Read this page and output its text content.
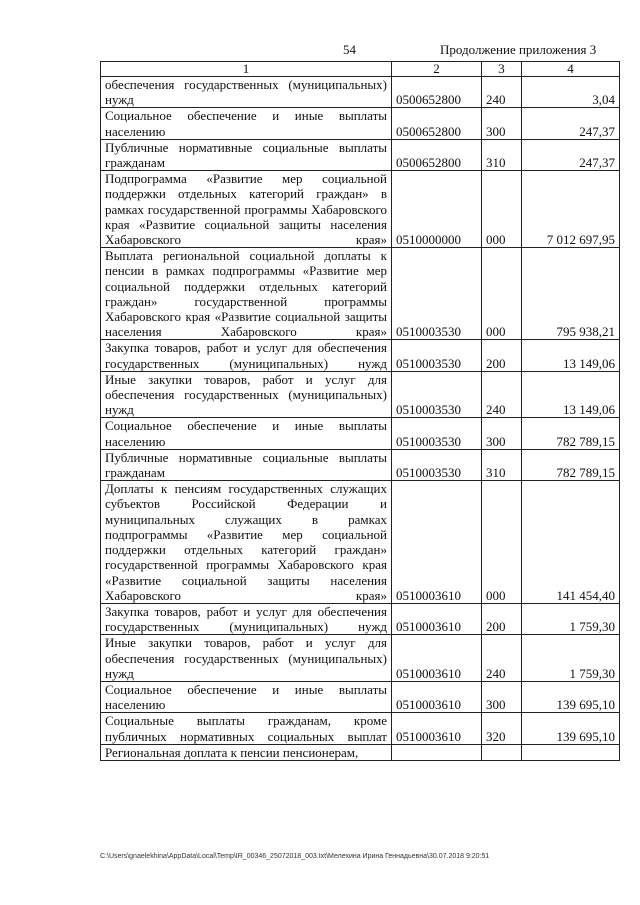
54	Продолжение приложения 3
1	2	3	4
обеспечения государственных (муниципальных) нужд	0500652800	240	3,04
Социальное обеспечение и иные выплаты населению	0500652800	300	247,37
Публичные нормативные социальные выплаты гражданам	0500652800	310	247,37
Подпрограмма «Развитие мер социальной поддержки отдельных категорий граждан» в рамках государственной программы Хабаровского края «Развитие социальной защиты населения Хабаровского края»	0510000000	000	7 012 697,95
Выплата региональной социальной доплаты к пенсии в рамках подпрограммы «Развитие мер социальной поддержки отдельных категорий граждан» государственной программы Хабаровского края «Развитие социальной защиты населения Хабаровского края»	0510003530	000	795 938,21
Закупка товаров, работ и услуг для обеспечения государственных (муниципальных) нужд	0510003530	200	13 149,06
Иные закупки товаров, работ и услуг для обеспечения государственных (муниципальных) нужд	0510003530	240	13 149,06
Социальное обеспечение и иные выплаты населению	0510003530	300	782 789,15
Публичные нормативные социальные выплаты гражданам	0510003530	310	782 789,15
Доплаты к пенсиям государственных служащих субъектов Российской Федерации и муниципальных служащих в рамках подпрограммы «Развитие мер социальной поддержки отдельных категорий граждан» государственной программы Хабаровского края «Развитие социальной защиты населения Хабаровского края»	0510003610	000	141 454,40
Закупка товаров, работ и услуг для обеспечения государственных (муниципальных) нужд	0510003610	200	1 759,30
Иные закупки товаров, работ и услуг для обеспечения государственных (муниципальных) нужд	0510003610	240	1 759,30
Социальное обеспечение и иные выплаты населению	0510003610	300	139 695,10
Социальные выплаты гражданам, кроме публичных нормативных социальных выплат	0510003610	320	139 695,10
Региональная доплата к пенсии пенсионерам,			
C:\Users\gnaelekhina\AppData\Local\Temp\IR_00346_25072018_003.txt\Мелехина Ирина Геннадьевна\30.07.2018 9:20:51
